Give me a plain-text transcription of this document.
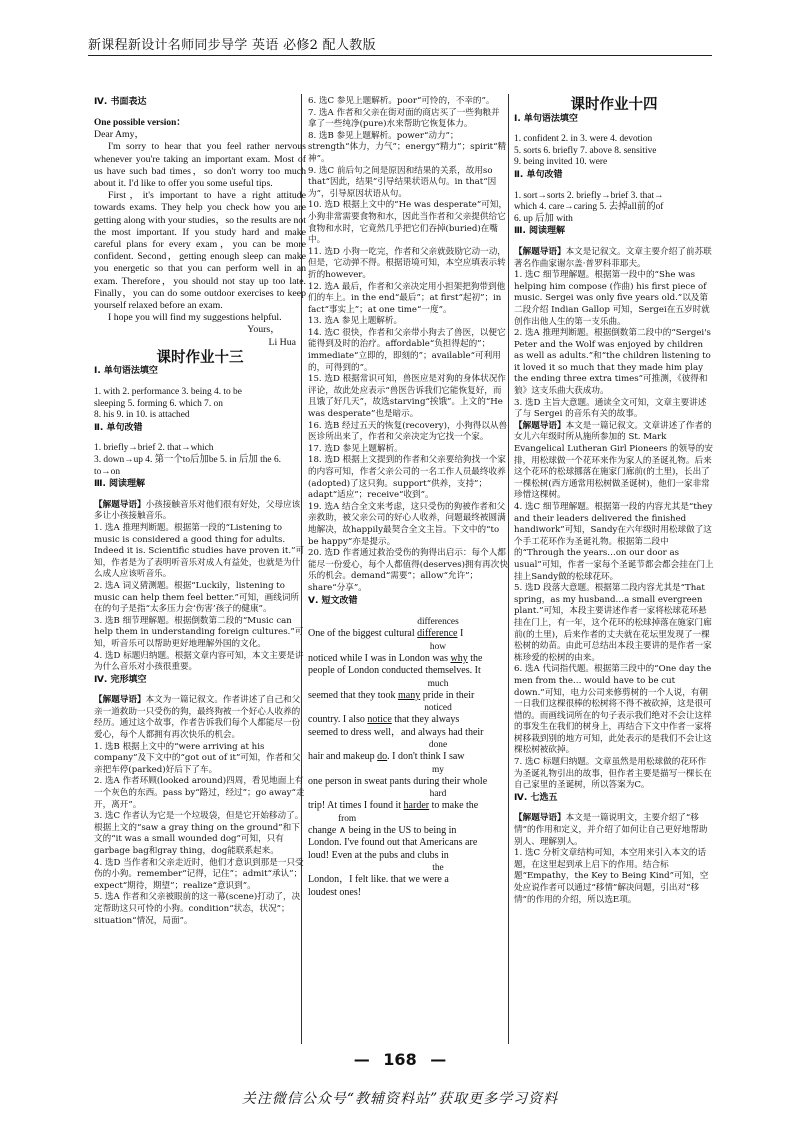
新课程新设计名师同步导学 英语 必修2 配人教版

Ⅳ. 书面表达

One possible version：

Dear Amy，

I'm sorry to hear that you feel rather nervous whenever you're taking an important exam. Most of us have such bad times，so don't worry too much about it. I'd like to offer you some useful tips.

First，it's important to have a right attitude towards exams. They help you check how you are getting along with your studies，so the results are not the most important. If you study hard and make careful plans for every exam，you can be more confident. Second，getting enough sleep can make you energetic so that you can perform well in an exam. Therefore，you should not stay up too late. Finally，you can do some outdoor exercises to keep yourself relaxed before an exam.

I hope you will find my suggestions helpful.

Yours，

Li Hua

课时作业十三

Ⅰ. 单句语法填空

1. with 2. performance 3. being 4. to be

sleeping 5. forming 6. which 7. on

8. his 9. in 10. is attached

Ⅱ. 单句改错

1. briefly→brief 2. that→which

3. down→up 4. 第一个to后加be 5. in 后加 the 6. to→on

Ⅲ. 阅读理解

【解题导语】小孩接触音乐对他们很有好处，父母应该多让小孩接触音乐。

1. 选A 推理判断题。根据第一段的“Listening to music is considered a good thing for adults. Indeed it is. Scientific studies have proven it.”可知，作者是为了表明听音乐对成人有益处，也就是为什么成人应该听音乐。

2. 选A 词义猜测题。根据“Luckily，listening to music can help them feel better.”可知，画线词所在的句子是指“太多压力会‘伤害’孩子的健康”。

3. 选B 细节理解题。根据倒数第二段的“Music can help them in understanding foreign cultures.”可知，听音乐可以帮助更好地理解外国的文化。

4. 选D 标题归纳题。根据文章内容可知，本文主要是讲为什么音乐对小孩很重要。

Ⅳ. 完形填空

【解题导语】本文为一篇记叙文。作者讲述了自己和父亲一道救助一只受伤的狗，最终狗被一个好心人收养的经历。通过这个故事，作者告诉我们每个人都能尽一份爱心，每个人都拥有再次快乐的机会。

1. 选B 根据上文中的“were arriving at his company”及下文中的“got out of it”可知，作者和父亲把车停(parked)好后下了车。

2. 选A 作者环顾(looked around)四周，看见地面上有一个灰色的东西。pass by“路过，经过”；go away“走开，离开”。

3. 选C 作者认为它是一个垃圾袋，但是它开始移动了。根据上文的“saw a gray thing on the ground”和下文的“it was a small wounded dog”可知，只有garbage bag和gray thing，dog能联系起来。

4. 选D 当作者和父亲走近时，他们才意识到那是一只受伤的小狗。remember“记得，记住”；admit“承认”；expect“期待，期望”；realize“意识到”。

5. 选A 作者和父亲被眼前的这一幕(scene)打动了，决定帮助这只可怜的小狗。condition“状态，状况”；situation“情况，局面”。

6. 选C 参见上题解析。poor“可怜的，不幸的”。

7. 选A 作者和父亲在街对面的商店买了一些狗粮并拿了一些纯净(pure)水来帮助它恢复体力。

8. 选B 参见上题解析。power“动力”；strength“体力，力气”；energy“精力”；spirit“精神”。

9. 选C 前后句之间是原因和结果的关系，故用so that“因此，结果”引导结果状语从句。in that“因为”，引导原因状语从句。

10. 选D 根据上文中的“He was desperate”可知，小狗非常需要食物和水，因此当作者和父亲提供给它食物和水时，它竟然几乎把它们吞掉(buried)在嘴中。

11. 选D 小狗一吃完，作者和父亲就鼓励它动一动，但是，它动弹不得。根据语境可知，本空应填表示转折的however。

12. 选A 最后，作者和父亲决定用小担架把狗带到他们的车上。in the end“最后”；at first“起初”；in fact“事实上”；at one time“一度”。

13. 选A 参见上题解析。

14. 选C 很快，作者和父亲带小狗去了兽医，以便它能得到及时的治疗。affordable“负担得起的”；immediate“立即的，即刻的”；available“可利用的，可得到的”。

15. 选D 根据常识可知，兽医应是对狗的身体状况作评论，故此处应表示“兽医告诉我们它能恢复好，而且饿了好几天”，故选starving“挨饿”。上文的“He was desperate”也是暗示。

16. 选B 经过五天的恢复(recovery)，小狗得以从兽医诊所出来了，作者和父亲决定为它找一个家。

17. 选D 参见上题解析。

18. 选D 根据上文提到的作者和父亲要给狗找一个家的内容可知，作者父亲公司的一名工作人员最终收养(adopted)了这只狗。support“供养，支持”；adapt“适应”；receive“收到”。

19. 选A 结合全文来考虑，这只受伤的狗被作者和父亲救助，被父亲公司的好心人收养，问题最终被圆满地解决，故happily最契合全文主旨。下文中的“to be happy”亦是提示。

20. 选D 作者通过救治受伤的狗得出启示：每个人都能尽一份爱心，每个人都值得(deserves)拥有再次快乐的机会。demand“需要”；allow“允许”；share“分享”。

Ⅴ. 短文改错

differences
One of the biggest cultural difference I
how
noticed while I was in London was why the
people of London conducted themselves. It
much
seemed that they took many pride in their
noticed
country. I also notice that they always
seemed to dress well，and always had their
done
hair and makeup do. I don't think I saw
my
one person in sweat pants during their whole
hard
trip! At times I found it harder to make the
from
change ∧ being in the US to being in
London. I've found out that Americans are
loud! Even at the pubs and clubs in
the
London，I felt like. that we were a
loudest ones!
课时作业十四

Ⅰ. 单句语法填空

1. confident 2. in 3. were 4. devotion

5. sorts 6. briefly 7. above 8. sensitive

9. being invited 10. were

Ⅱ. 单句改错

1. sort→sorts 2. briefly→brief 3. that→

which 4. care→caring 5. 去掉all前的of

6. up 后加 with

Ⅲ. 阅读理解

【解题导语】本文是记叙文。文章主要介绍了前苏联著名作曲家谢尔盖·普罗科菲耶夫。

1. 选C 细节理解题。根据第一段中的“She was helping him compose (作曲) his first piece of music. Sergei was only five years old.”以及第二段介绍 Indian Gallop 可知，Sergei在五岁时就创作出他人生的第一支乐曲。

2. 选A 推理判断题。根据倒数第二段中的“Sergei's Peter and the Wolf was enjoyed by children as well as adults.”和“the children listening to it loved it so much that they made him play the ending three extra times”可推测，《彼得和狼》这支乐曲大获成功。

3. 选D 主旨大意题。通读全文可知，文章主要讲述了与 Sergei 的音乐有关的故事。

【解题导语】本文是一篇记叙文。文章讲述了作者的女儿六年级时所从施所参加的 St. Mark Evangelical Lutheran Girl Pioneers 的领导的安排，用松球做一个花环来作为家人的圣诞礼物。后来这个花环的松球挪落在施家门廊前(的土里)，长出了一棵松树(西方通常用松树做圣诞树)，他们一家非常珍惜这棵树。

4. 选C 细节理解题。根据第一段的内容尤其是“they and their leaders delivered the finished handiwork”可知，Sandy在六年级时用松球做了这个手工花环作为圣诞礼物。根据第二段中的“Through the years…on our door as usual”可知，作者一家每个圣诞节都会都会挂在门上挂上Sandy做的松球花环。

5. 选D 段落大意题。根据第二段内容尤其是“That spring，as my husband…a small evergreen plant.”可知，本段主要讲述作者一家将松球花环悬挂在门上，有一年，这个花环的松球掉落在施家门廊前(的土里)，后来作者的丈夫就在花坛里发现了一棵松树的幼苗。由此可总结出本段主要讲的是作者一家栋珍爱的松树的由来。

6. 选A 代词指代题。根据第三段中的“One day the men from the… would have to be cut down.”可知，电力公司来修剪树的一个人说，有朝一日我们这棵很棒的松树将不得不被砍掉，这是很可惜的。而画线词所在的句子表示我们绝对不会让这样的事发生在我们的树身上，再结合下文中作者一家将树移栽到别的地方可知，此处表示的是我们不会让这棵松树被砍掉。

7. 选C 标题归纳题。文章虽然是用松球做的花环作为圣诞礼物引出的故事，但作者主要是描写一棵长在自己家里的圣诞树，所以答案为C。

Ⅳ. 七选五

【解题导语】本文是一篇说明文，主要介绍了“移情”的作用和定义，并介绍了如何让自己更好地帮助别人、理解别人。

1. 选C 分析文章结构可知，本空用来引入本文的话题，在这里起到承上启下的作用。结合标题“Empathy，the Key to Being Kind”可知，空处应说作者可以通过“移情”解决问题，引出对“移情”的作用的介绍，所以选E项。

— 168 —
关注微信公众号“教辅资料站”获取更多学习资料
